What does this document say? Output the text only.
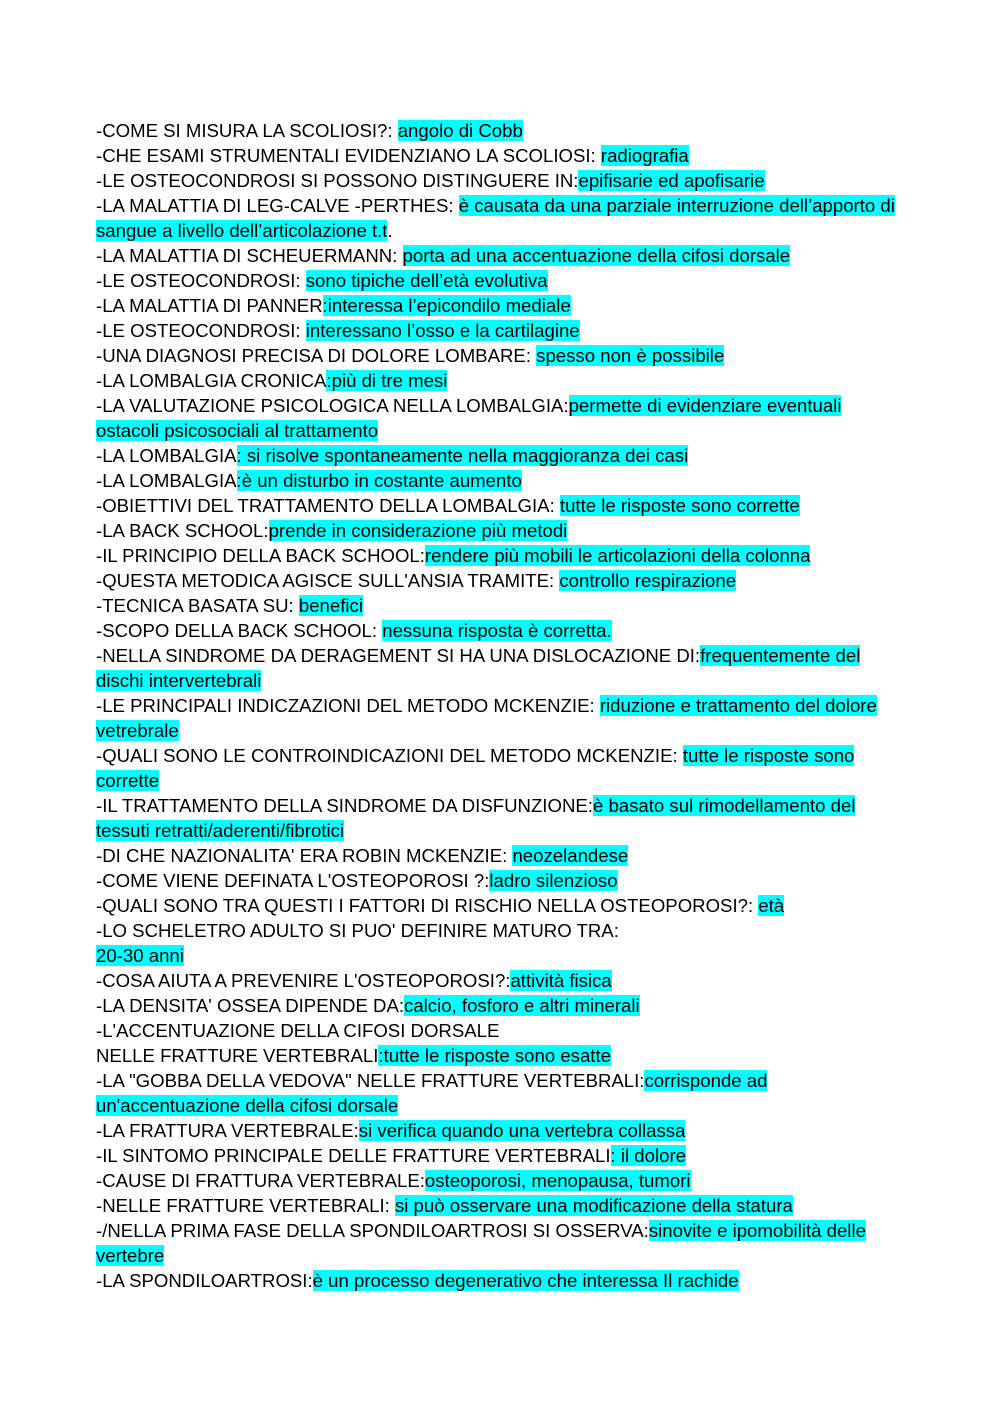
-COME SI MISURA LA SCOLIOSI?: angolo di Cobb

-CHE ESAMI STRUMENTALI EVIDENZIANO LA SCOLIOSI: radiografia

-LE OSTEOCONDROSI SI POSSONO DISTINGUERE IN:epifisarie ed apofisarie

-LA MALATTIA DI LEG-CALVE -PERTHES: è causata da una parziale interruzione dell’apporto di sangue a livello dell’articolazione t.t.

-LA MALATTIA DI SCHEUERMANN: porta ad una accentuazione della cifosi dorsale

-LE OSTEOCONDROSI: sono tipiche dell’età evolutiva

-LA MALATTIA DI PANNER:interessa l’epicondilo mediale

-LE OSTEOCONDROSI: interessano l’osso e la cartilagine

-UNA DIAGNOSI PRECISA DI DOLORE LOMBARE: spesso non è possibile

-LA LOMBALGIA CRONICA:più di tre mesi

-LA VALUTAZIONE PSICOLOGICA NELLA LOMBALGIA:permette di evidenziare eventuali ostacoli psicosociali al trattamento

-LA LOMBALGIA: si risolve spontaneamente nella maggioranza dei casi

-LA LOMBALGIA:è un disturbo in costante aumento

-OBIETTIVI DEL TRATTAMENTO DELLA LOMBALGIA: tutte le risposte sono corrette

-LA BACK SCHOOL:prende in considerazione più metodi

-IL PRINCIPIO DELLA BACK SCHOOL:rendere più mobili le articolazioni della colonna

-QUESTA METODICA AGISCE SULL'ANSIA TRAMITE: controllo respirazione

-TECNICA BASATA SU: benefici

-SCOPO DELLA BACK SCHOOL: nessuna risposta è corretta.

-NELLA SINDROME DA DERAGEMENT SI HA UNA DISLOCAZIONE DI:frequentemente del dischi intervertebrali

-LE PRINCIPALI INDICZAZIONI DEL METODO MCKENZIE: riduzione e trattamento del dolore vetrebrale

-QUALI SONO LE CONTROINDICAZIONI DEL METODO MCKENZIE: tutte le risposte sono corrette

-IL TRATTAMENTO DELLA SINDROME DA DISFUNZIONE:è basato sul rimodellamento del tessuti retratti/aderenti/fibrotici

-DI CHE NAZIONALITA' ERA ROBIN MCKENZIE: neozelandese

-COME VIENE DEFINATA L'OSTEOPOROSI ?:ladro silenzioso

-QUALI SONO TRA QUESTI I FATTORI DI RISCHIO NELLA OSTEOPOROSI?: età

-LO SCHELETRO ADULTO SI PUO' DEFINIRE MATURO TRA:
20-30 anni

-COSA AIUTA A PREVENIRE L'OSTEOPOROSI?:attività fisica

-LA DENSITA' OSSEA DIPENDE DA:calcio, fosforo e altri minerali

-L'ACCENTUAZIONE DELLA CIFOSI DORSALE
NELLE FRATTURE VERTEBRALI:tutte le risposte sono esatte

-LA "GOBBA DELLA VEDOVA" NELLE FRATTURE VERTEBRALI:corrisponde ad un'accentuazione della cifosi dorsale

-LA FRATTURA VERTEBRALE:si verifica quando una vertebra collassa

-IL SINTOMO PRINCIPALE DELLE FRATTURE VERTEBRALI: il dolore

-CAUSE DI FRATTURA VERTEBRALE:osteoporosi, menopausa, tumori

-NELLE FRATTURE VERTEBRALI: si può osservare una modificazione della statura

-/NELLA PRIMA FASE DELLA SPONDILOARTROSI SI OSSERVA:sinovite e ipomobilità delle vertebre

-LA SPONDILOARTROSI:è un processo degenerativo che interessa Il rachide
